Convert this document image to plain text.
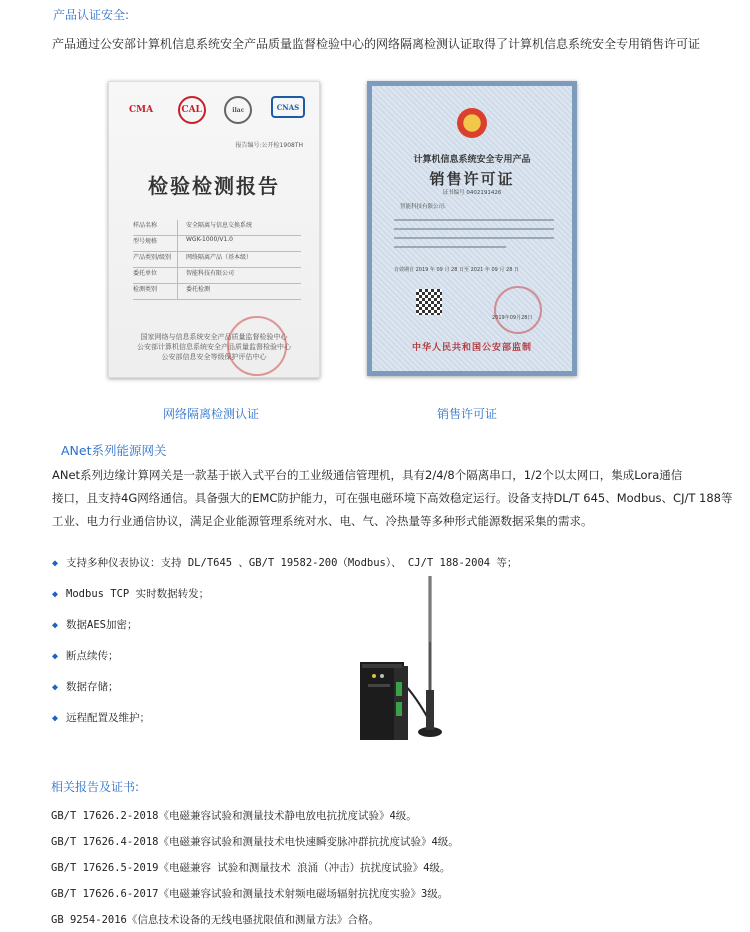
产品认证安全:
产品通过公安部计算机信息系统安全产品质量监督检验中心的网络隔离检测认证取得了计算机信息系统安全专用销售许可证
CMA	CAL	ilac	CNAS
报告编号:公开检1908TH
检验检测报告
样品名称	安全隔离与信息交换系统
型号规格	WGK-1000/V1.0
产品类别/级别	网络隔离产品（基本级）
委托单位	智能科技有限公司
检测类别	委托检测
国家网络与信息系统安全产品质量监督检验中心
公安部计算机信息系统安全产品质量监督检验中心
公安部信息安全等级保护评估中心
计算机信息系统安全专用产品
销售许可证
证书编号 0402191426
智能科技有限公司:
有效期自 2019 年 09 月 28 日至 2021 年 09 月 28 日
2019年09月28日
中华人民共和国公安部监制
网络隔离检测认证	销售许可证
ANet系列能源网关
ANet系列边缘计算网关是一款基于嵌入式平台的工业级通信管理机，具有2/4/8个隔离串口，1/2个以太网口，集成Lora通信
接口，且支持4G网络通信。具备强大的EMC防护能力，可在强电磁环境下高效稳定运行。设备支持DL/T 645、Modbus、CJ/T 188等
工业、电力行业通信协议，满足企业能源管理系统对水、电、气、冷热量等多种形式能源数据采集的需求。
◆ 支持多种仪表协议：支持 DL/T645 、GB/T 19582-200（Modbus）、 CJ/T 188-2004 等；
◆ Modbus TCP 实时数据转发；
◆ 数据AES加密；
◆ 断点续传；
◆ 数据存储；
◆ 远程配置及维护；
相关报告及证书:
GB/T 17626.2-2018《电磁兼容试验和测量技术静电放电抗扰度试验》4级。
GB/T 17626.4-2018《电磁兼容试验和测量技术电快速瞬变脉冲群抗扰度试验》4级。
GB/T 17626.5-2019《电磁兼容 试验和测量技术 浪涌（冲击）抗扰度试验》4级。
GB/T 17626.6-2017《电磁兼容试验和测量技术射频电磁场辐射抗扰度实验》3级。
GB 9254-2016《信息技术设备的无线电骚扰限值和测量方法》合格。
